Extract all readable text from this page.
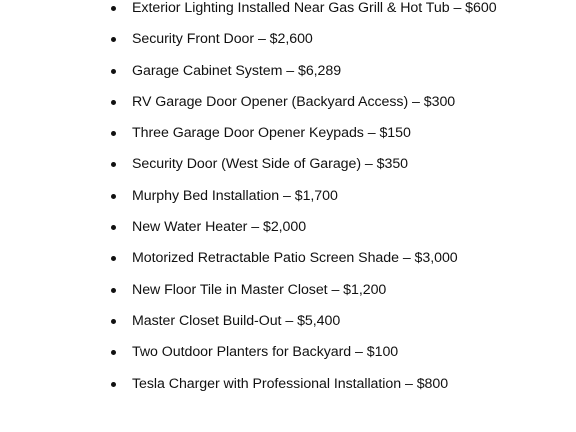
Exterior Lighting Installed Near Gas Grill & Hot Tub – $600
Security Front Door – $2,600
Garage Cabinet System – $6,289
RV Garage Door Opener (Backyard Access) – $300
Three Garage Door Opener Keypads – $150
Security Door (West Side of Garage) – $350
Murphy Bed Installation – $1,700
New Water Heater – $2,000
Motorized Retractable Patio Screen Shade – $3,000
New Floor Tile in Master Closet – $1,200
Master Closet Build-Out – $5,400
Two Outdoor Planters for Backyard – $100
Tesla Charger with Professional Installation – $800
